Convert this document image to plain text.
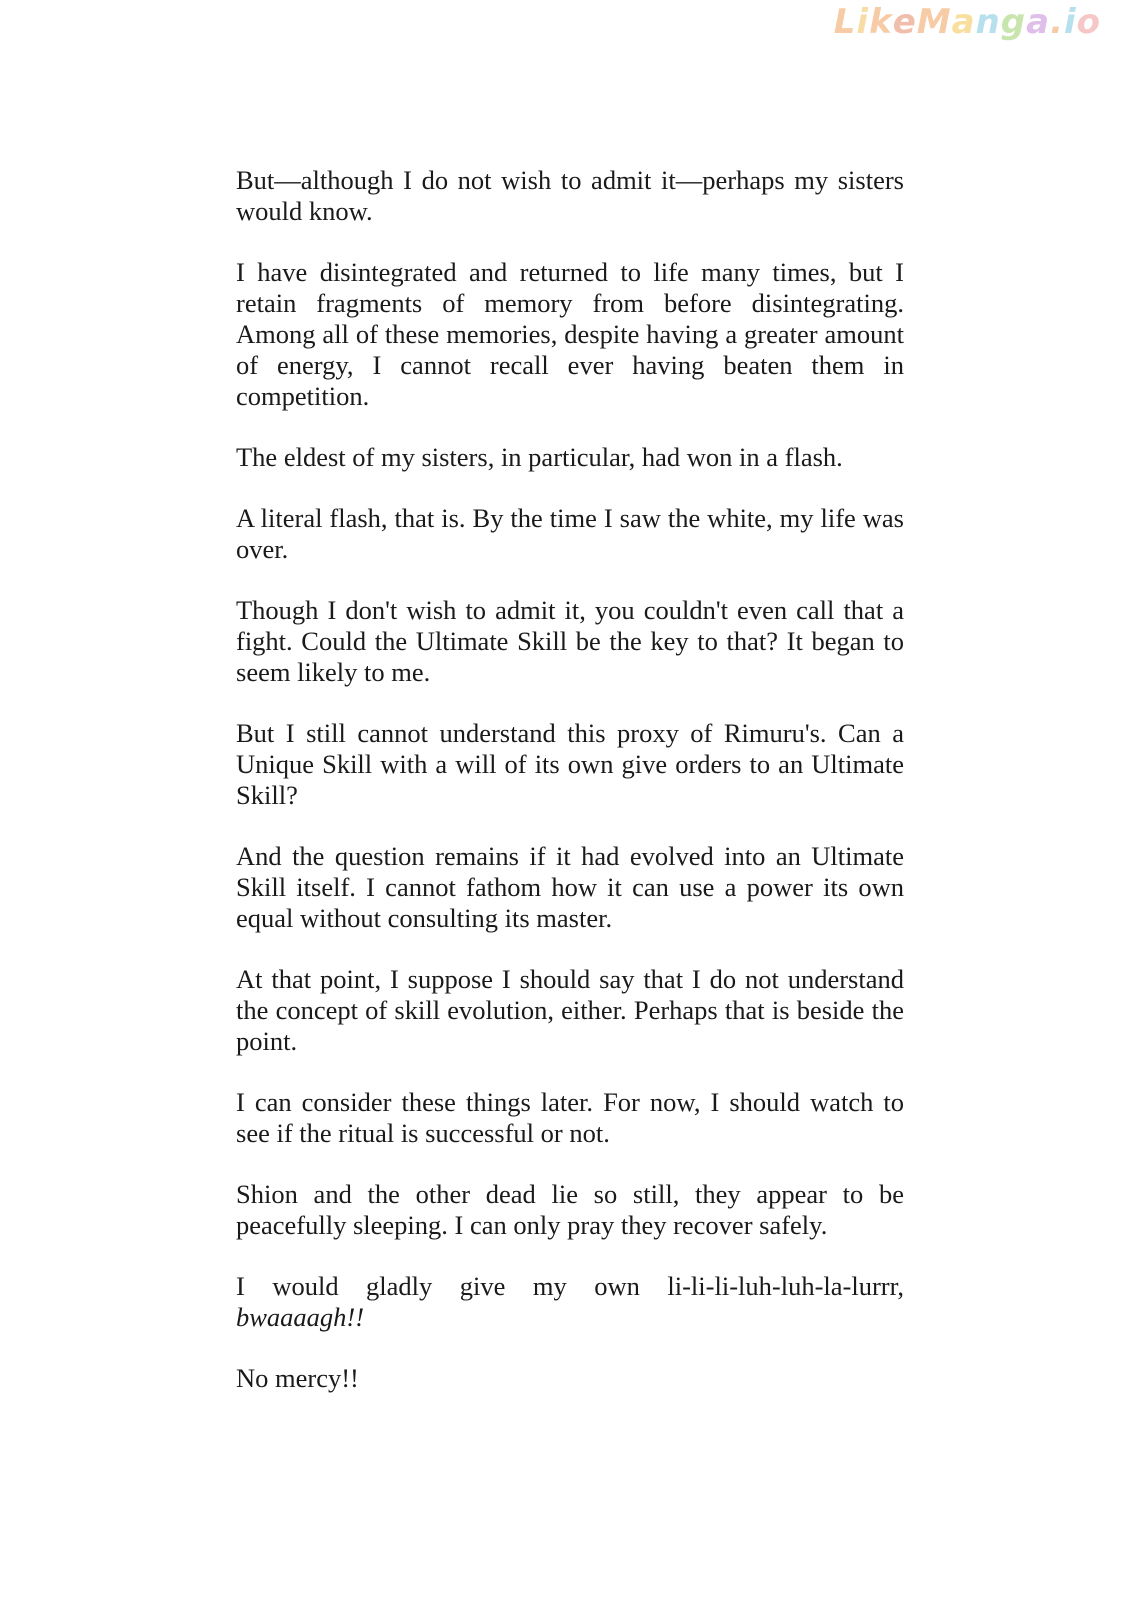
LikeManga.io

But—although I do not wish to admit it—perhaps my sisters would know.

I have disintegrated and returned to life many times, but I retain fragments of memory from before disintegrating. Among all of these memories, despite having a greater amount of energy, I cannot recall ever having beaten them in competition.

The eldest of my sisters, in particular, had won in a flash.

A literal flash, that is. By the time I saw the white, my life was over.

Though I don't wish to admit it, you couldn't even call that a fight. Could the Ultimate Skill be the key to that? It began to seem likely to me.

But I still cannot understand this proxy of Rimuru's. Can a Unique Skill with a will of its own give orders to an Ultimate Skill?

And the question remains if it had evolved into an Ultimate Skill itself. I cannot fathom how it can use a power its own equal without consulting its master.

At that point, I suppose I should say that I do not understand the concept of skill evolution, either. Perhaps that is beside the point.

I can consider these things later. For now, I should watch to see if the ritual is successful or not.

Shion and the other dead lie so still, they appear to be peacefully sleeping. I can only pray they recover safely.

I would gladly give my own li-li-li-luh-luh-la-lurrr,
bwaaaagh!!

No mercy!!
